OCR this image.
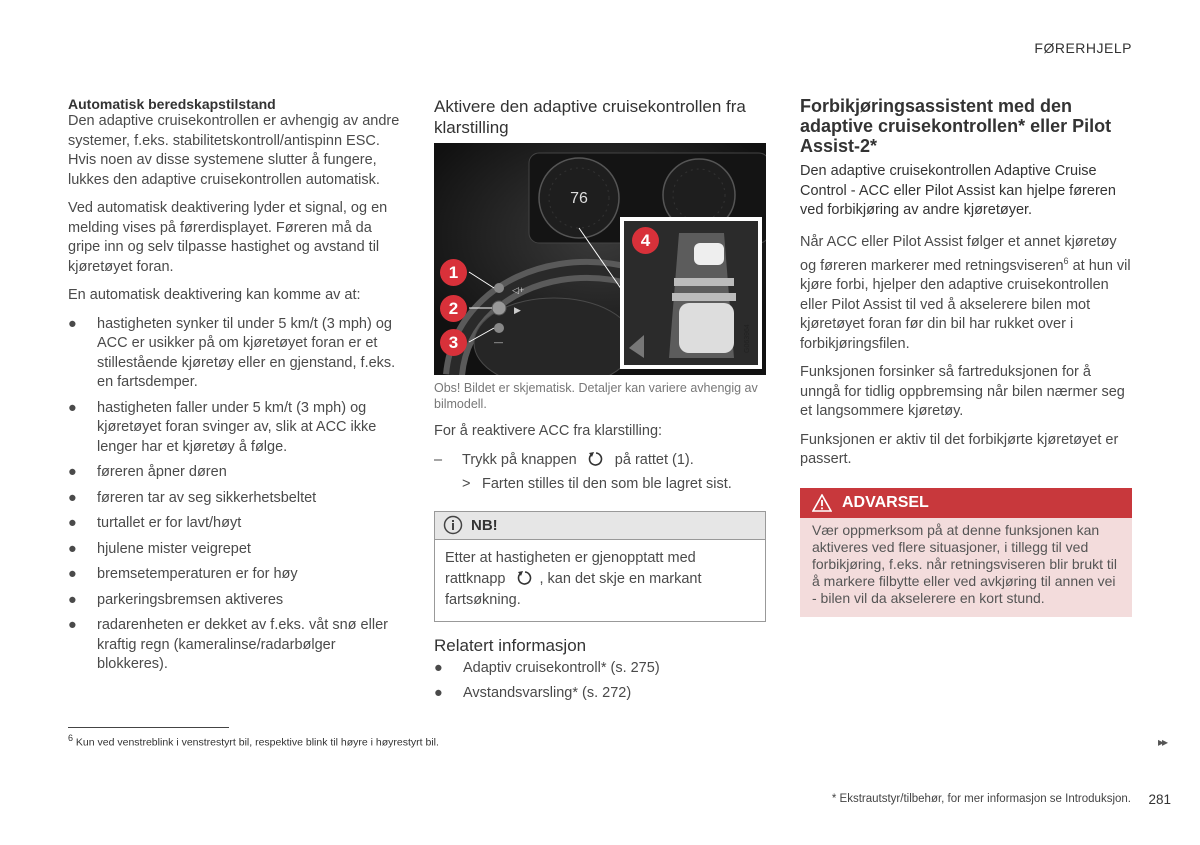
FØRERHJELP

Automatisk beredskapstilstand

Den adaptive cruisekontrollen er avhengig av andre systemer, f.eks. stabilitetskontroll/antispinn ESC. Hvis noen av disse systemene slutter å fungere, lukkes den adaptive cruisekontrollen automatisk.

Ved automatisk deaktivering lyder et signal, og en melding vises på førerdisplayet. Føreren må da gripe inn og selv tilpasse hastighet og avstand til kjøretøyet foran.

En automatisk deaktivering kan komme av at:

● hastigheten synker til under 5 km/t (3 mph) og ACC er usikker på om kjøretøyet foran er et stillestående kjøretøy eller en gjenstand, f.eks. en fartsdemper.
● hastigheten faller under 5 km/t (3 mph) og kjøretøyet foran svinger av, slik at ACC ikke lenger har et kjøretøy å følge.
● føreren åpner døren
● føreren tar av seg sikkerhetsbeltet
● turtallet er for lavt/høyt
● hjulene mister veigrepet
● bremsetemperaturen er for høy
● parkeringsbremsen aktiveres
● radarenheten er dekket av f.eks. våt snø eller kraftig regn (kameralinse/radarbølger blokkeres).
Aktivere den adaptive cruisekontrollen fra klarstilling
76
◁+
▶
—	G063964
1
2
3
4
Obs! Bildet er skjematisk. Detaljer kan variere avhengig av bilmodell.
For å reaktivere ACC fra klarstilling:
– Trykk på knappen	på rattet (1).
> Farten stilles til den som ble lagret sist.
NB!
Etter at hastigheten er gjenopptatt med rattknapp , kan det skje en markant fartsøkning.
Relatert informasjon
● Adaptiv cruisekontroll* (s. 275)
● Avstandsvarsling* (s. 272)
Forbikjøringsassistent med den adaptive cruisekontrollen* eller Pilot Assist-2*

Den adaptive cruisekontrollen Adaptive Cruise Control - ACC eller Pilot Assist kan hjelpe føreren ved forbikjøring av andre kjøretøyer.

Når ACC eller Pilot Assist følger et annet kjøretøy og føreren markerer med retningsviseren$^6$ at hun vil kjøre forbi, hjelper den adaptive cruisekontrollen eller Pilot Assist til ved å akselerere bilen mot kjøretøyet foran før din bil har rukket over i forbikjøringsfilen.

Funksjonen forsinker så fartreduksjonen for å unngå for tidlig oppbremsing når bilen nærmer seg et langsommere kjøretøy.

Funksjonen er aktiv til det forbikjørte kjøretøyet er passert.

ADVARSEL
Vær oppmerksom på at denne funksjonen kan aktiveres ved flere situasjoner, i tillegg til ved forbikjøring, f.eks. når retningsviseren blir brukt til å markere filbytte eller ved avkjøring til annen vei - bilen vil da akselerere en kort stund.
$^6$ Kun ved venstreblink i venstrestyrt bil, respektive blink til høyre i høyrestyrt bil.	▸▸
* Ekstrautstyr/tilbehør, for mer informasjon se Introduksjon. 281
